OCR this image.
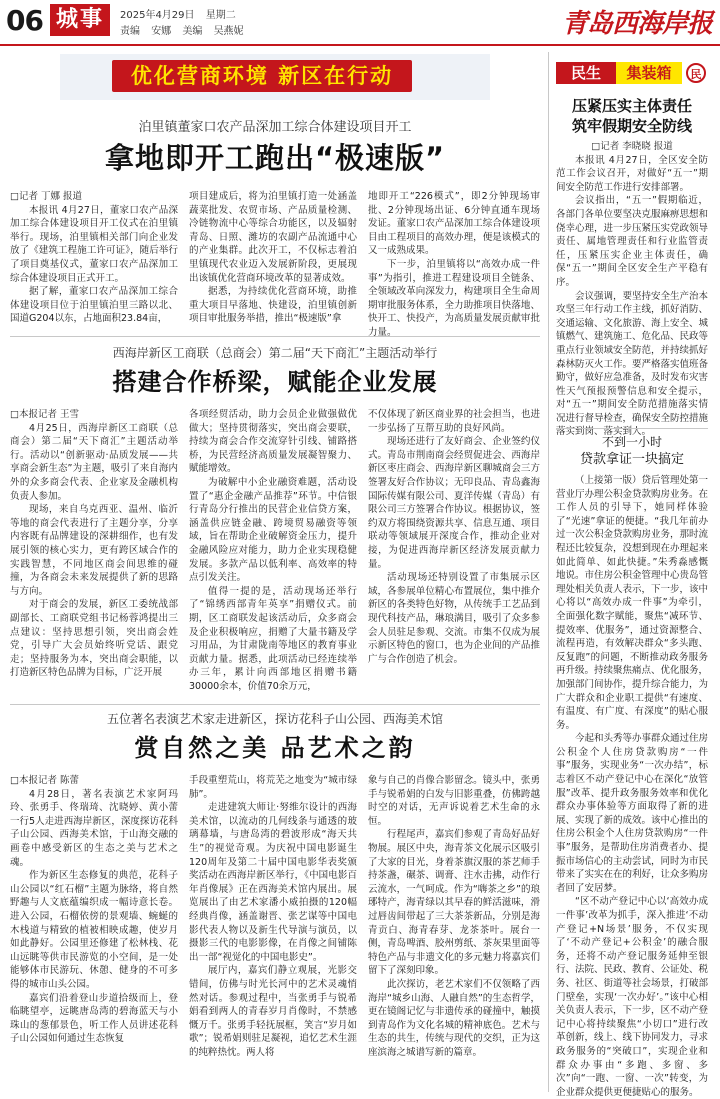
06 城事	2025年4月29日 星期二
责编 安娜 美编 吴燕妮	青岛西海岸报
优化营商环境 新区在行动
泊里镇董家口农产品深加工综合体建设项目开工
拿地即开工跑出“极速版”
□记者 丁娜 报道

本报讯 4月27日，董家口农产品深加工综合体建设项目开工仪式在泊里镇举行。现场，泊里镇相关部门向企业发放了《建筑工程施工许可证》，随后举行了项目奠基仪式，董家口农产品深加工综合体建设项目正式开工。

据了解，董家口农产品深加工综合体建设项目位于泊里镇泊里三路以北、国道G204以东，占地面积23.84亩，

项目建成后，将为泊里镇打造一处涵盖蔬菜批发、农贸市场、产品质量检测、冷链物流中心等综合功能区，以及辐射青岛、日照、潍坊的农副产品流通中心的产业集群。此次开工，不仅标志着泊里镇现代农业迈入发展新阶段，更展现出该镇优化营商环境改革的显著成效。

据悉，为持续优化营商环境，助推重大项目早落地、快建设，泊里镇创新项目审批服务举措，推出“极速版”拿

地即开工“226模式”，即2分钟现场审批、2分钟现场出证、6分钟直通车现场发证。董家口农产品深加工综合体建设项目由工程项目的高效办理，便是该模式的又一成熟成果。

下一步，泊里镇将以“高效办成一件事”为指引，推进工程建设项目全链条、全领域改革向深发力，构建项目全生命周期审批服务体系，全力助推项目快落地、快开工、快投产，为高质量发展贡献审批力量。

西海岸新区工商联（总商会）第二届“天下商汇”主题活动举行
搭建合作桥梁，赋能企业发展
□本报记者 王雪

4月25日，西海岸新区工商联（总商会）第二届“天下商汇”主题活动举行。活动以“创新驱动·品质发展——共享商会新生态”为主题，吸引了来自海内外的众多商会代表、企业家及金融机构负责人参加。

现场，来自乌克西亚、温州、临沂等地的商会代表进行了主题分享，分享内容既有品牌建设的深耕细作，也有发展引领的核心实力，更有跨区域合作的实践智慧，不同地区商会间思维的碰撞，为各商会未来发展提供了新的思路与方向。

对于商会的发展，新区工委统战部副部长、工商联党组书记杨蓉鸿提出三点建议：坚持思想引领，突出商会姓党，引导广大会员始终听党话、跟党走；坚持服务为本，突出商会职能，以打造新区特色品牌为目标，广泛开展

各项经贸活动，助力会员企业做强做优做大；坚持贯彻落实，突出商会要联，持续为商会合作交流穿针引线、铺路搭桥，为民营经济高质量发展凝智聚力、赋能增效。

为破解中小企业融资难题，活动设置了“惠企金融产品推荐”环节。中信银行青岛分行推出的民营企业信贷方案，涵盖供应链金融、跨境贸易融资等领域，旨在帮助企业破解资金压力，提升金融风险应对能力，助力企业实现稳健发展。多款产品以低利率、高效率的特点引发关注。

值得一提的是，活动现场还举行了“锦绣西部青年英享”捐赠仪式。前期，区工商联发起该活动后，众多商会及企业积极响应，捐赠了大量书籍及学习用品，为甘肃陇南等地区的教育事业贡献力量。据悉，此项活动已经连续举办三年，累计向西部地区捐赠书籍30000余本，价值70余万元，

不仅体现了新区商业界的社会担当，也进一步弘扬了互帮互助的良好风尚。

现场还进行了友好商会、企业签约仪式。青岛市荆南商会经贸促进会、西海岸新区枣庄商会、西海岸新区聊城商会三方签署友好合作协议；无印良品、青岛鑫海国际传媒有限公司、夏洋传媒（青岛）有限公司三方签署合作协议。根据协议，签约双方将围绕资源共享、信息互通、项目联动等领域展开深度合作，推动企业对接，为促进西海岸新区经济发展贡献力量。

活动现场还特别设置了市集展示区域，各参展单位精心布置展位，集中推介新区的各类特色好物，从传统手工艺品到现代科技产品，琳琅满目，吸引了众多参会人员驻足参观、交流。市集不仅成为展示新区特色的窗口，也为企业间的产品推广与合作创造了机会。

五位著名表演艺术家走进新区，探访花科子山公园、西海美术馆
赏自然之美 品艺术之韵
□本报记者 陈蕾

4月28日，著名表演艺术家阿玛玲、张勇手、佟瑞琦、沈晓婷、黄小蕾一行5人走进西海岸新区，深度探访花科子山公园、西海美术馆，于山海交融的画卷中感受新区的生态之美与艺术之魂。

作为新区生态修复的典范，花科子山公园以“红石榴”主题为脉络，将自然野趣与人文底蕴编织成一幅诗意长卷。进入公园，石榴依傍的景观墙、蜿蜒的木栈道与精致的植被相映成趣，使岁月如此静好。公园里还修建了松林栈、花山远眺等供市民游览的小空间，是一处能够体市民游玩、休憩、健身的不可多得的城市山头公园。

嘉宾们沿着登山步道拾级而上，登临眺望亭，远眺唐岛湾的碧海蓝天与小珠山的葱郁景色，听工作人员讲述花科子山公园如何通过生态恢复

手段重塑荒山，将荒芜之地变为“城市绿肺”。

走进建筑大师让·努维尔设计的西海美术馆，以流动的几何线条与通透的玻璃幕墙，与唐岛湾的碧波形成“海天共生”的视觉奇观。为庆祝中国电影诞生120周年及第二十届中国电影华表奖颁奖活动在西海岸新区举行，《中国电影百年肖像展》正在西海美术馆内展出。展览展出了由艺术家潘小威拍摄的120幅经典肖像，涵盖谢晋、张艺谋等中国电影代表人物以及新生代导演与演员，以摄影三代的电影影像，在肖像之间铺陈出一部“视觉化的中国电影史”。

展厅内，嘉宾们静立观展，光影交错间，仿佛与时光长河中的艺术灵魂悄然对话。参观过程中，当张勇手与锐希娟看到两人的青春岁月肖像时，不禁感慨万千。张勇手轻抚展框，笑言“岁月如歌”；锐希娟则驻足凝视，追忆艺术生涯的纯粹热忱。两人将

象与自己的肖像合影留念。镜头中，张勇手与锐希娟的白发与旧影重叠，仿佛跨越时空的对话，无声诉说着艺术生命的永恒。

行程尾声，嘉宾们参观了青岛好品好物展。展区中央，海青茶文化展示区吸引了大家的目光，身着茶旗汉服的茶艺师手持茶盏，碾茶、调膏、注水击拂，动作行云流水，一气呵成。作为“嗨茶之乡”的琅琊特产，海青绿以其早春的鲜活滋味，滑过唇齿间带起了三大茶茶新品，分别是海青贡白、海青春芽、龙茶茶叶。展台一侧，青岛啤酒、胶州剪纸、茶灰果里面等特色产品与非遗文化的多元魅力将嘉宾们留下了深刻印象。

此次探访，老艺术家们不仅领略了西海岸“城乡山海、人融自然”的生态哲学，更在镜阁记忆与非遗传承的碰撞中，触摸到青岛作为文化名城的精神底色。艺术与生态的共生，传统与现代的交织，正为这座滨海之城谱写新的篇章。

民生	集装箱	民
压紧压实主体责任
筑牢假期安全防线
□记者 李晓晓 报道

本报讯 4月27日，全区安全防范工作会议召开，对做好“五一”期间安全防范工作进行安排部署。

会议指出，“五一”假期临近，各部门各单位要坚决克服麻痹思想和侥幸心理，进一步压紧压实党政领导责任、属地管理责任和行业监管责任，压紧压实企业主体责任，确保“五一”期间全区安全生产平稳有序。

会议强调，要坚持安全生产治本攻坚三年行动工作主线，抓好消防、交通运输、文化旅游、海上安全、城镇燃气、建筑施工、危化品、民政等重点行业领域安全防范，并持续抓好森林防灭火工作。要严格落实值班备勤守，做好应急准备，及时发布灾害性天气预报预警信息和安全提示，对“五一”期间安全防范措施落实情况进行督导检查，确保安全防控措施落实到岗、落实到人。

不到一小时
贷款拿证一块搞定

（上接第一版）贷后管理处第一营业厅办理公积金贷款购房业务。在工作人员的引导下，她同样体验了“光速”拿证的便捷。“我几年前办过一次公积金贷款购房业务，那时流程还比较复杂，没想到现在办理起来如此简单、如此快捷。”朱秀淼感慨地说。市住房公积金管理中心贵岛管理处相关负责人表示，下一步，该中心将以“高效办成一件事”为牵引，全面强化数字赋能，聚焦“减环节、提效率、优服务”，通过资源整合、流程再造，有效解决群众“多头跑、反复跑”的问题，不断推动政务服务再升级。持续聚焦痛点、优化服务，加强部门间协作，提升综合能力，为广大群众和企业职工提供“有速度、有温度、有广度、有深度”的贴心服务。

今起和头秀等办事群众通过住房公积金个人住房贷款购房“一件事”服务，实现业务“一次办结”，标志着区不动产登记中心在深化“放管服”改革、提升政务服务效率和优化群众办事体验等方面取得了新的进展、实现了新的成效。该中心推出的住房公积金个人住房贷款购房“一件事”服务，是帮助住房消费者办、提振市场信心的主动尝试，同时为市民带来了实实在在的利好，让众多购房者回了安居梦。

“区不动产登记中心以‘高效办成一件事’改革为抓手，深入推进‘不动产登记+N场景’服务，不仅实现了‘不动产登记+公积金’的融合服务，还将不动产登记服务延伸至银行、法院、民政、教育、公证处、税务、社区、街道等社会场景，打破部门壁垒，实现‘一次办好’。”该中心相关负责人表示，下一步，区不动产登记中心将持续聚焦“小切口”进行改革创新，线上、线下协同发力，寻求政务服务的“突破口”，实现企业和群众办事由“多跑、多窗、多次”向“一跑、一窗、一次”转变，为企业群众提供更便捷贴心的服务。
